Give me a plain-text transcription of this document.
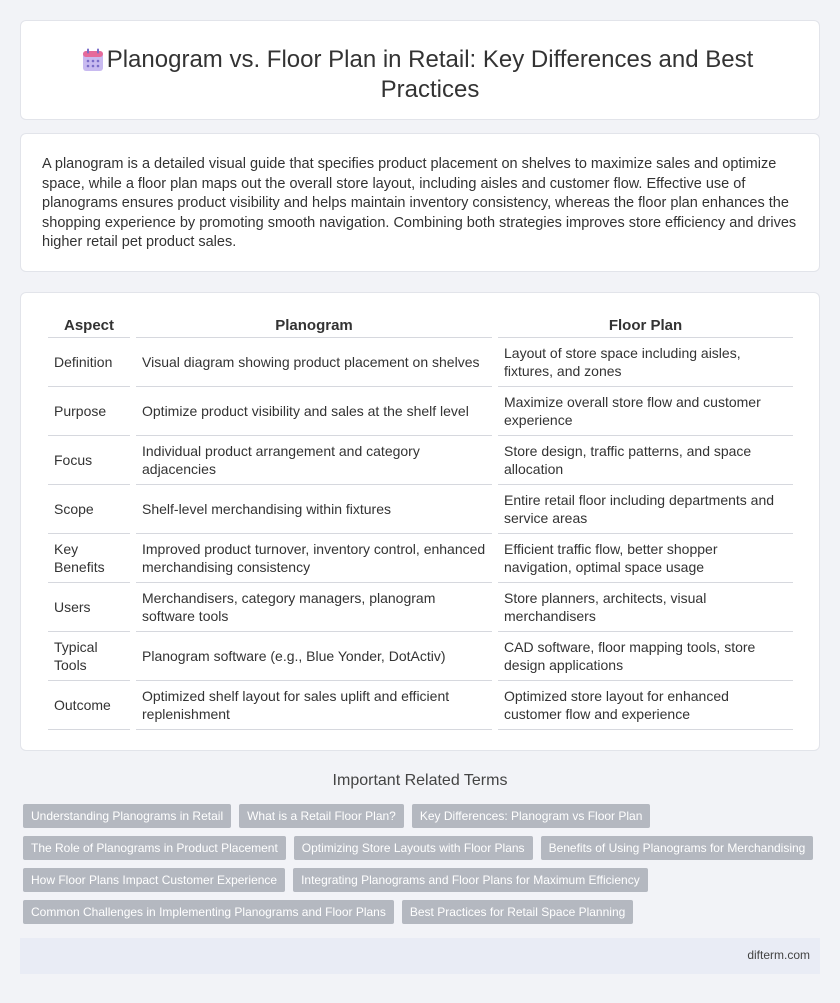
Planogram vs. Floor Plan in Retail: Key Differences and Best Practices

A planogram is a detailed visual guide that specifies product placement on shelves to maximize sales and optimize space, while a floor plan maps out the overall store layout, including aisles and customer flow. Effective use of planograms ensures product visibility and helps maintain inventory consistency, whereas the floor plan enhances the shopping experience by promoting smooth navigation. Combining both strategies improves store efficiency and drives higher retail pet product sales.

Aspect	Planogram	Floor Plan
Definition	Visual diagram showing product placement on shelves	Layout of store space including aisles, fixtures, and zones
Purpose	Optimize product visibility and sales at the shelf level	Maximize overall store flow and customer experience
Focus	Individual product arrangement and category adjacencies	Store design, traffic patterns, and space allocation
Scope	Shelf-level merchandising within fixtures	Entire retail floor including departments and service areas
Key Benefits	Improved product turnover, inventory control, enhanced merchandising consistency	Efficient traffic flow, better shopper navigation, optimal space usage
Users	Merchandisers, category managers, planogram software tools	Store planners, architects, visual merchandisers
Typical Tools	Planogram software (e.g., Blue Yonder, DotActiv)	CAD software, floor mapping tools, store design applications
Outcome	Optimized shelf layout for sales uplift and efficient replenishment	Optimized store layout for enhanced customer flow and experience
Important Related Terms
Understanding Planograms in Retail	What is a Retail Floor Plan?	Key Differences: Planogram vs Floor Plan
The Role of Planograms in Product Placement	Optimizing Store Layouts with Floor Plans	Benefits of Using Planograms for Merchandising
How Floor Plans Impact Customer Experience	Integrating Planograms and Floor Plans for Maximum Efficiency
Common Challenges in Implementing Planograms and Floor Plans	Best Practices for Retail Space Planning
difterm.com
